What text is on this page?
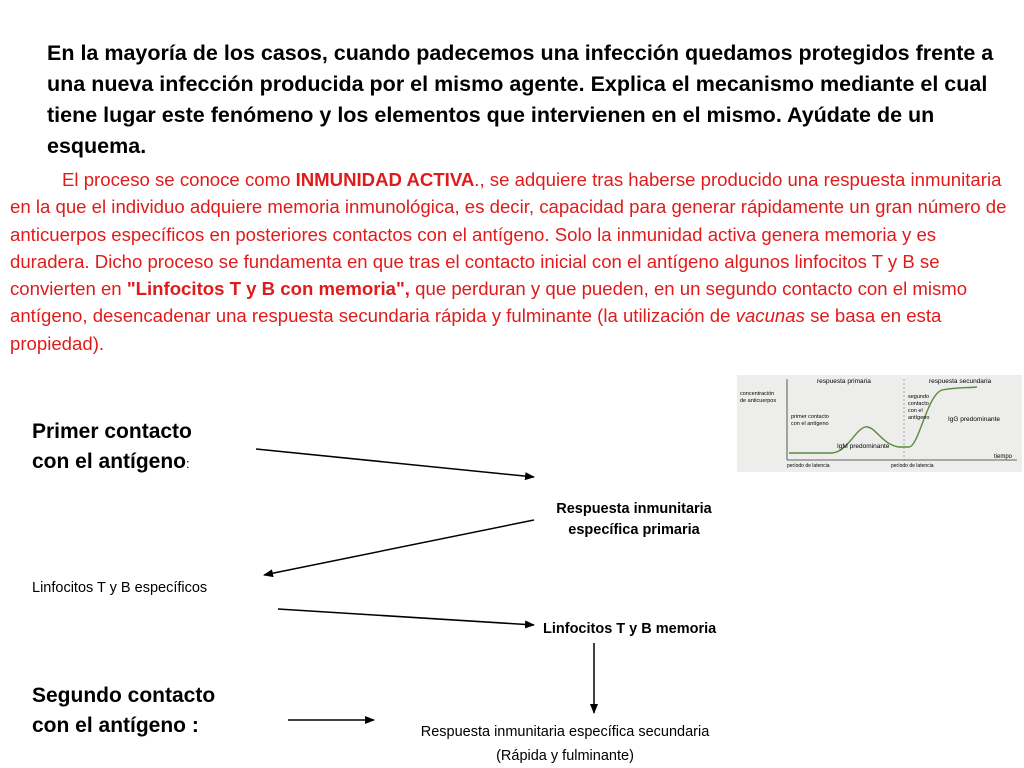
En la mayoría de los casos, cuando padecemos una infección quedamos protegidos frente a una nueva infección producida por el mismo agente. Explica el mecanismo mediante el cual tiene lugar este fenómeno y los elementos que intervienen en el mismo. Ayúdate de un esquema.

El proceso se conoce como INMUNIDAD ACTIVA., se adquiere tras haberse producido una respuesta inmunitaria en la que el individuo adquiere memoria inmunológica, es decir, capacidad para generar rápidamente un gran número de anticuerpos específicos en posteriores contactos con el antígeno. Solo la inmunidad activa genera memoria y es duradera. Dicho proceso se fundamenta en que tras el contacto inicial con el antígeno algunos linfocitos T y B se convierten en "Linfocitos T y B con memoria", que perduran y que pueden, en un segundo contacto con el mismo antígeno, desencadenar una respuesta secundaria rápida y fulminante (la utilización de vacunas se basa en esta propiedad).

respuesta primaria	respuesta secundaria
concentración
de anticuerpos
primer contacto
con el antígeno
segundo
contacto
con el
antígeno	IgG predominante
IgM predominante
período de latencia	período de latencia
tiempo
Primer contacto
con el antígeno:
Respuesta inmunitaria
específica primaria
Linfocitos T y B específicos
Linfocitos T y B memoria
Segundo contacto
con el antígeno :	Respuesta inmunitaria específica secundaria
(Rápida y fulminante)
